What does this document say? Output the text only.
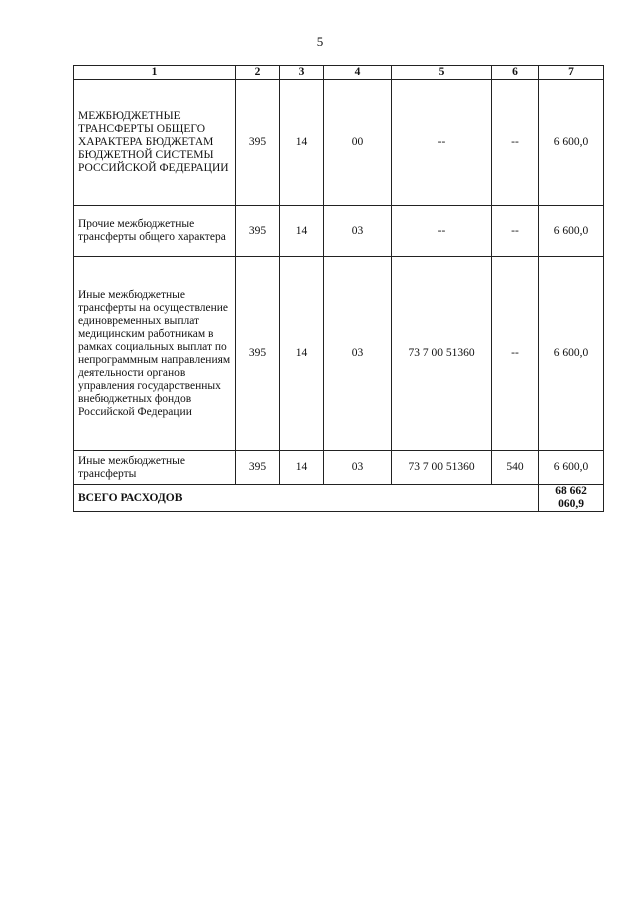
5
1	2	3	4	5	6	7
МЕЖБЮДЖЕТНЫЕ ТРАНСФЕРТЫ ОБЩЕГО ХАРАКТЕРА БЮДЖЕТАМ БЮДЖЕТНОЙ СИСТЕМЫ РОССИЙСКОЙ ФЕДЕРАЦИИ	395	14	00	--	--	6 600,0
Прочие межбюджетные трансферты общего характера	395	14	03	--	--	6 600,0
Иные межбюджетные трансферты на осуществление единовременных выплат медицинским работникам в рамках социальных выплат по непрограммным направлениям деятельности органов управления государственных внебюджетных фондов Российской Федерации	395	14	03	73 7 00 51360	--	6 600,0
Иные межбюджетные трансферты	395	14	03	73 7 00 51360	540	6 600,0
ВСЕГО РАСХОДОВ						68 662 060,9
